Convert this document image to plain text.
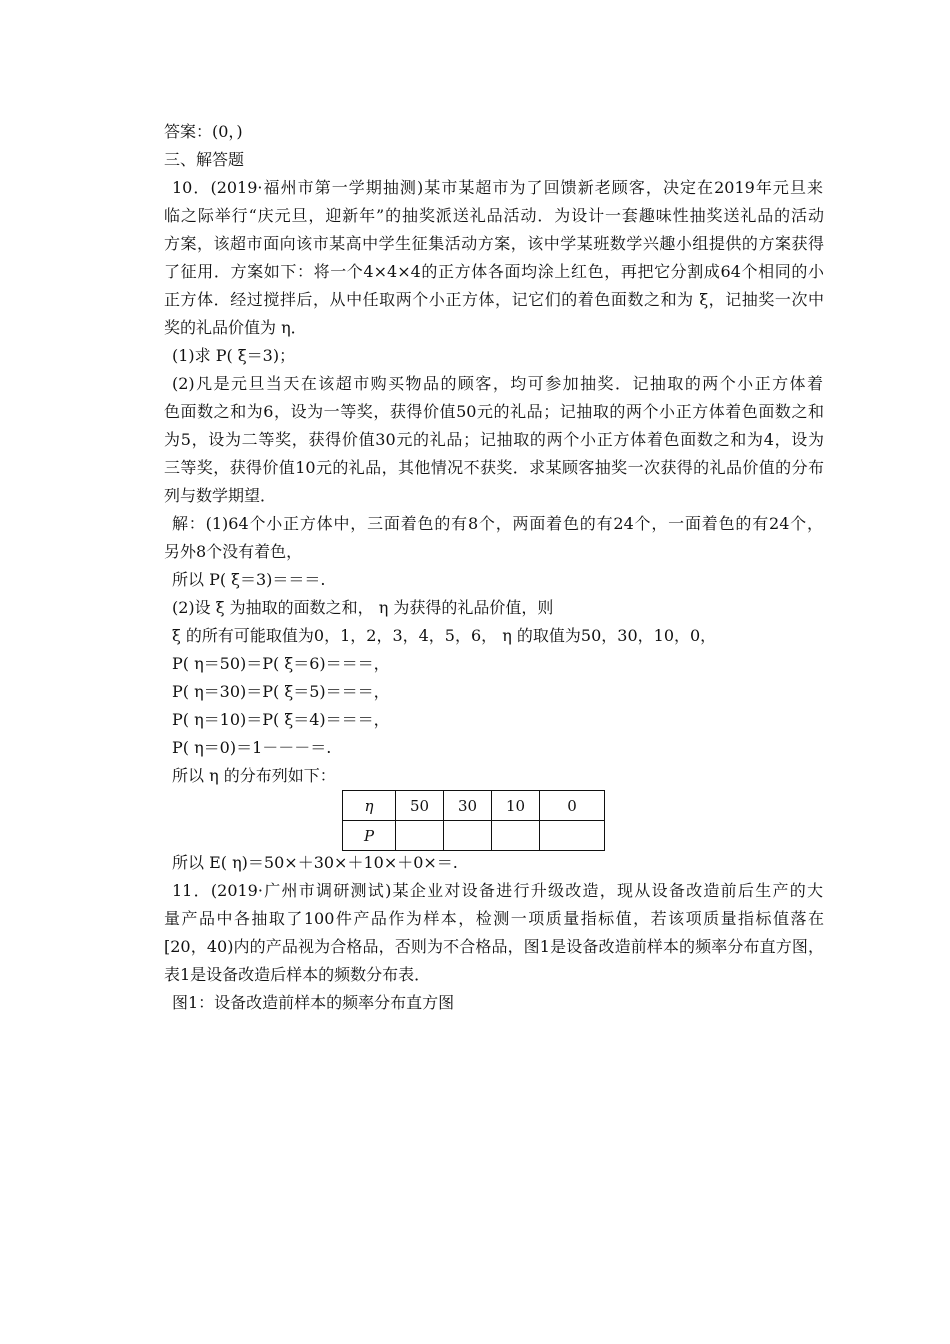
答案：(0，)
三、解答题
10．(2019·福州市第一学期抽测)某市某超市为了回馈新老顾客，决定在2019年元旦来
临之际举行“庆元旦，迎新年”的抽奖派送礼品活动．为设计一套趣味性抽奖送礼品的活动
方案，该超市面向该市某高中学生征集活动方案，该中学某班数学兴趣小组提供的方案获得
了征用．方案如下：将一个4×4×4的正方体各面均涂上红色，再把它分割成64个相同的小
正方体．经过搅拌后，从中任取两个小正方体，记它们的着色面数之和为 ξ，记抽奖一次中
奖的礼品价值为 η．
(1)求 P( ξ＝3)；
(2)凡是元旦当天在该超市购买物品的顾客，均可参加抽奖．记抽取的两个小正方体着
色面数之和为6，设为一等奖，获得价值50元的礼品；记抽取的两个小正方体着色面数之和
为5，设为二等奖，获得价值30元的礼品；记抽取的两个小正方体着色面数之和为4，设为
三等奖，获得价值10元的礼品，其他情况不获奖．求某顾客抽奖一次获得的礼品价值的分布
列与数学期望．
解：(1)64个小正方体中，三面着色的有8个，两面着色的有24个，一面着色的有24个，
另外8个没有着色，
所以 P( ξ＝3)＝＝＝.
(2)设 ξ 为抽取的面数之和， η 为获得的礼品价值，则
ξ 的所有可能取值为0，1，2，3，4，5，6， η 的取值为50，30，10，0，
P( η＝50)＝P( ξ＝6)＝＝＝，
P( η＝30)＝P( ξ＝5)＝＝＝，
P( η＝10)＝P( ξ＝4)＝＝＝，
P( η＝0)＝1－－－＝.
所以 η 的分布列如下：
η	50	30	10	0
P				
所以 E( η)＝50×＋30×＋10×＋0×＝.
11．(2019·广州市调研测试)某企业对设备进行升级改造，现从设备改造前后生产的大
量产品中各抽取了100件产品作为样本，检测一项质量指标值，若该项质量指标值落在
[20，40)内的产品视为合格品，否则为不合格品，图1是设备改造前样本的频率分布直方图，
表1是设备改造后样本的频数分布表．
图1：设备改造前样本的频率分布直方图
